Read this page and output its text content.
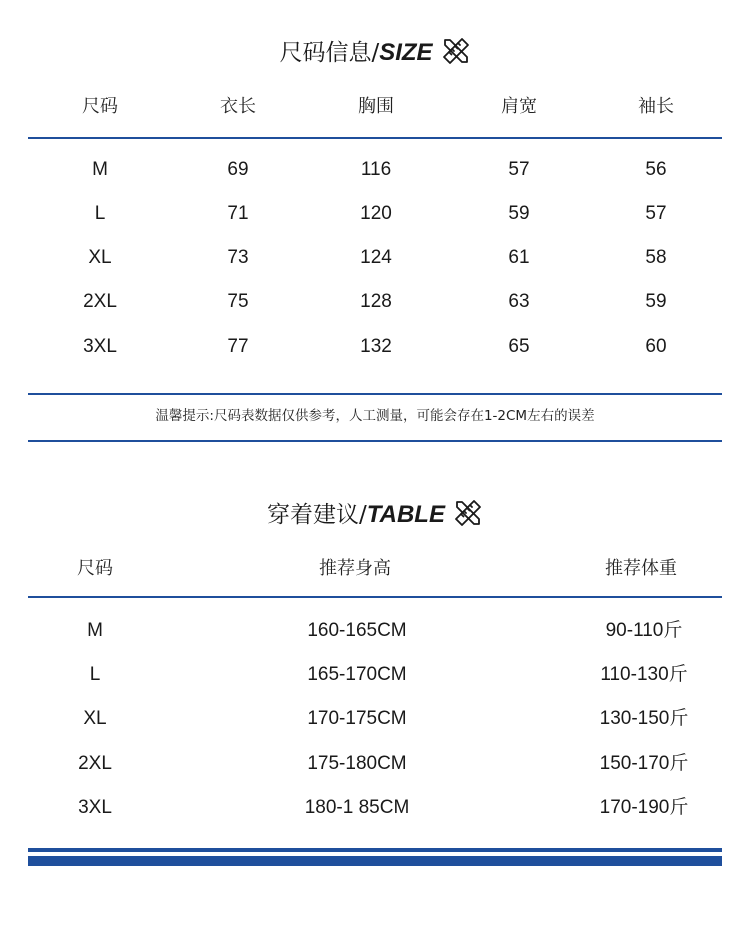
尺码信息/SIZE
尺码	衣长	胸围	肩宽	袖长
M	69	116	57	56
L	71	120	59	57
XL	73	124	61	58
2XL	75	128	63	59
3XL	77	132	65	60
温馨提示:尺码表数据仅供参考，人工测量，可能会存在1-2CM左右的误差
穿着建议/TABLE
尺码	推荐身高	推荐体重
M	160-165CM	90-110斤
L	165-170CM	110-130斤
XL	170-175CM	130-150斤
2XL	175-180CM	150-170斤
3XL	180-1 85CM	170-190斤
